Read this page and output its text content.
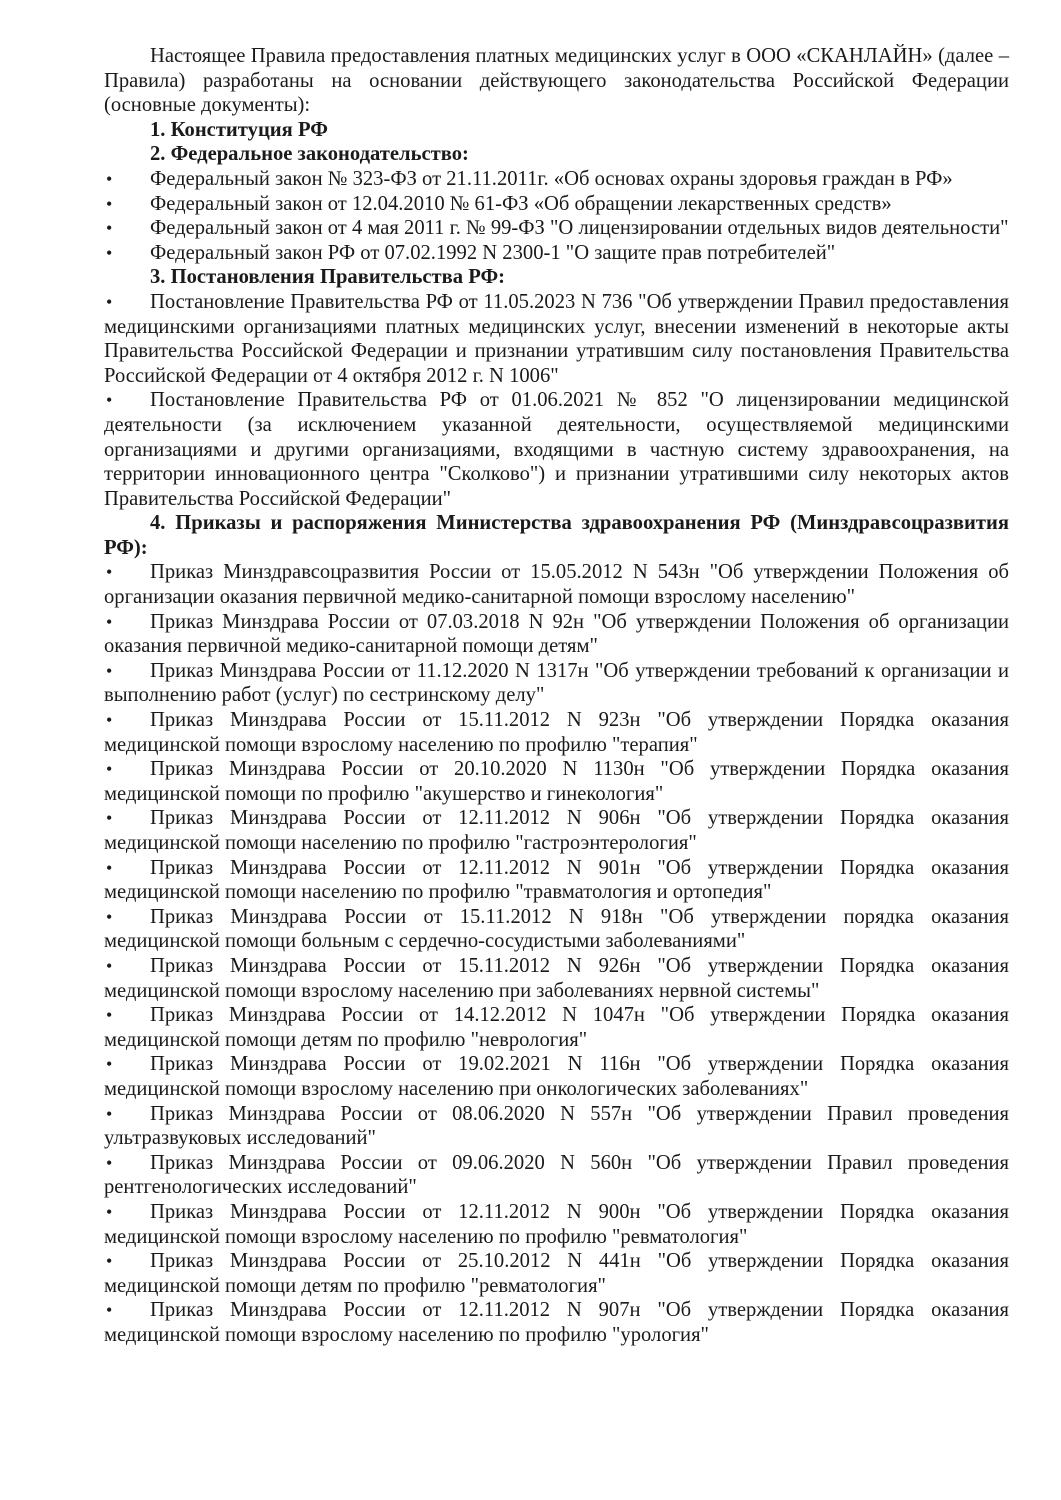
Настоящее Правила предоставления платных медицинских услуг в ООО «СКАНЛАЙН» (далее – Правила) разработаны на основании действующего законодательства Российской Федерации (основные документы):

1. Конституция РФ

2. Федеральное законодательство:

• Федеральный закон № 323-ФЗ от 21.11.2011г. «Об основах охраны здоровья граждан в РФ»

• Федеральный закон от 12.04.2010 № 61-ФЗ «Об обращении лекарственных средств»

• Федеральный закон от 4 мая 2011 г. № 99-ФЗ "О лицензировании отдельных видов деятельности"

• Федеральный закон РФ от 07.02.1992 N 2300-1 "О защите прав потребителей"

3. Постановления Правительства РФ:

• Постановление Правительства РФ от 11.05.2023 N 736 "Об утверждении Правил предоставления медицинскими организациями платных медицинских услуг, внесении изменений в некоторые акты Правительства Российской Федерации и признании утратившим силу постановления Правительства Российской Федерации от 4 октября 2012 г. N 1006"

• Постановление Правительства РФ от 01.06.2021 № 852 "О лицензировании медицинской деятельности (за исключением указанной деятельности, осуществляемой медицинскими организациями и другими организациями, входящими в частную систему здравоохранения, на территории инновационного центра "Сколково") и признании утратившими силу некоторых актов Правительства Российской Федерации"

4. Приказы и распоряжения Министерства здравоохранения РФ (Минздравсоцразвития РФ):

• Приказ Минздравсоцразвития России от 15.05.2012 N 543н "Об утверждении Положения об организации оказания первичной медико-санитарной помощи взрослому населению"

• Приказ Минздрава России от 07.03.2018 N 92н "Об утверждении Положения об организации оказания первичной медико-санитарной помощи детям"

• Приказ Минздрава России от 11.12.2020 N 1317н "Об утверждении требований к организации и выполнению работ (услуг) по сестринскому делу"

• Приказ Минздрава России от 15.11.2012 N 923н "Об утверждении Порядка оказания медицинской помощи взрослому населению по профилю "терапия"

• Приказ Минздрава России от 20.10.2020 N 1130н "Об утверждении Порядка оказания медицинской помощи по профилю "акушерство и гинекология"

• Приказ Минздрава России от 12.11.2012 N 906н "Об утверждении Порядка оказания медицинской помощи населению по профилю "гастроэнтерология"

• Приказ Минздрава России от 12.11.2012 N 901н "Об утверждении Порядка оказания медицинской помощи населению по профилю "травматология и ортопедия"

• Приказ Минздрава России от 15.11.2012 N 918н "Об утверждении порядка оказания медицинской помощи больным с сердечно-сосудистыми заболеваниями"

• Приказ Минздрава России от 15.11.2012 N 926н "Об утверждении Порядка оказания медицинской помощи взрослому населению при заболеваниях нервной системы"

• Приказ Минздрава России от 14.12.2012 N 1047н "Об утверждении Порядка оказания медицинской помощи детям по профилю "неврология"

• Приказ Минздрава России от 19.02.2021 N 116н "Об утверждении Порядка оказания медицинской помощи взрослому населению при онкологических заболеваниях"

• Приказ Минздрава России от 08.06.2020 N 557н "Об утверждении Правил проведения ультразвуковых исследований"

• Приказ Минздрава России от 09.06.2020 N 560н "Об утверждении Правил проведения рентгенологических исследований"

• Приказ Минздрава России от 12.11.2012 N 900н "Об утверждении Порядка оказания медицинской помощи взрослому населению по профилю "ревматология"

• Приказ Минздрава России от 25.10.2012 N 441н "Об утверждении Порядка оказания медицинской помощи детям по профилю "ревматология"

• Приказ Минздрава России от 12.11.2012 N 907н "Об утверждении Порядка оказания медицинской помощи взрослому населению по профилю "урология"
